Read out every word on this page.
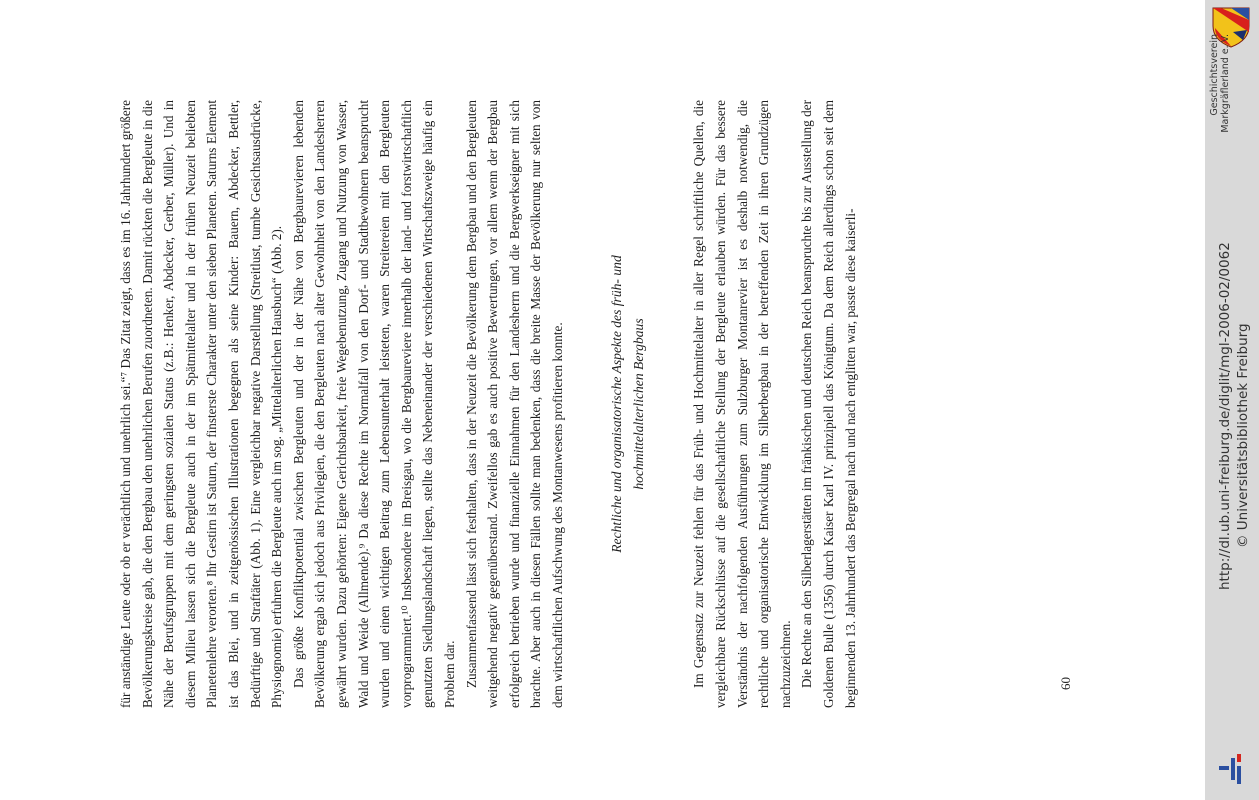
für anständige Leute oder ob er verächtlich und unehrlich sei.“⁷ Das Zitat zeigt, dass es im 16. Jahrhundert größere Bevölkerungskreise gab, die den Bergbau den unehrlichen Berufen zuordneten. Damit rückten die Bergleute in die Nähe der Berufsgruppen mit dem geringsten sozialen Status (z.B.: Henker, Abdecker, Gerber, Müller). Und in diesem Milieu lassen sich die Bergleute auch in der im Spätmittelalter und in der frühen Neuzeit beliebten Planetenlehre verorten.⁸ Ihr Gestirn ist Saturn, der finsterste Charakter unter den sieben Planeten. Saturns Element ist das Blei, und in zeitgenössischen Illustrationen begegnen als seine Kinder: Bauern, Abdecker, Bettler, Bedürftige und Straftäter (Abb. 1). Eine vergleichbar negative Darstellung (Streitlust, tumbe Gesichtsausdrücke, Physiognomie) erfuhren die Bergleute auch im sog. „Mittelalterlichen Hausbuch“ (Abb. 2). Das größte Konfliktpotential zwischen Bergleuten und der in der Nähe von Bergbaurevieren lebenden Bevölkerung ergab sich jedoch aus Privilegien, die den Bergleuten nach alter Gewohnheit von den Landesherren gewährt wurden. Dazu gehörten: Eigene Gerichtsbarkeit, freie Wegebenutzung, Zugang und Nutzung von Wasser, Wald und Weide (Allmende).⁹ Da diese Rechte im Normalfall von den Dorf- und Stadtbewohnern beansprucht wurden und einen wichtigen Beitrag zum Lebensunterhalt leisteten, waren Streitereien mit den Bergleuten vorprogrammiert.¹⁰ Insbesondere im Breisgau, wo die Bergbaureviere innerhalb der land- und forstwirtschaftlich genutzten Siedlungslandschaft liegen, stellte das Nebeneinander der verschiedenen Wirtschaftszweige häufig ein Problem dar. Zusammenfassend lässt sich festhalten, dass in der Neuzeit die Bevölkerung dem Bergbau und den Bergleuten weitgehend negativ gegenüberstand. Zweifellos gab es auch positive Bewertungen, vor allem wenn der Bergbau erfolgreich betrieben wurde und finanzielle Einnahmen für den Landesherrn und die Bergwerkseigner mit sich brachte. Aber auch in diesen Fällen sollte man bedenken, dass die breite Masse der Bevölkerung nur selten von dem wirtschaftlichen Aufschwung des Montanwesens profitieren konnte.	Rechtliche und organisatorische Aspekte des früh- und hochmittelalterlichen Bergbaus	Im Gegensatz zur Neuzeit fehlen für das Früh- und Hochmittelalter in aller Regel schriftliche Quellen, die vergleichbare Rückschlüsse auf die gesellschaftliche Stellung der Bergleute erlauben würden. Für das bessere Verständnis der nachfolgenden Ausführungen zum Sulzburger Montanrevier ist es deshalb notwendig, die rechtliche und organisatorische Entwicklung im Silberbergbau in der betreffenden Zeit in ihren Grundzügen nachzuzeichnen. Die Rechte an den Silberlagerstätten im fränkischen und deutschen Reich beanspruchte bis zur Ausstellung der Goldenen Bulle (1356) durch Kaiser Karl IV. prinzipiell das Königtum. Da dem Reich allerdings schon seit dem beginnenden 13. Jahrhundert das Bergregal nach und nach entglitten war, passte diese kaiserli-	60
Geschichtsverein
Markgräflerland e. V.
http://dl.ub.uni-freiburg.de/diglit/mgl-2006-02/0062 © Universitätsbibliothek Freiburg
